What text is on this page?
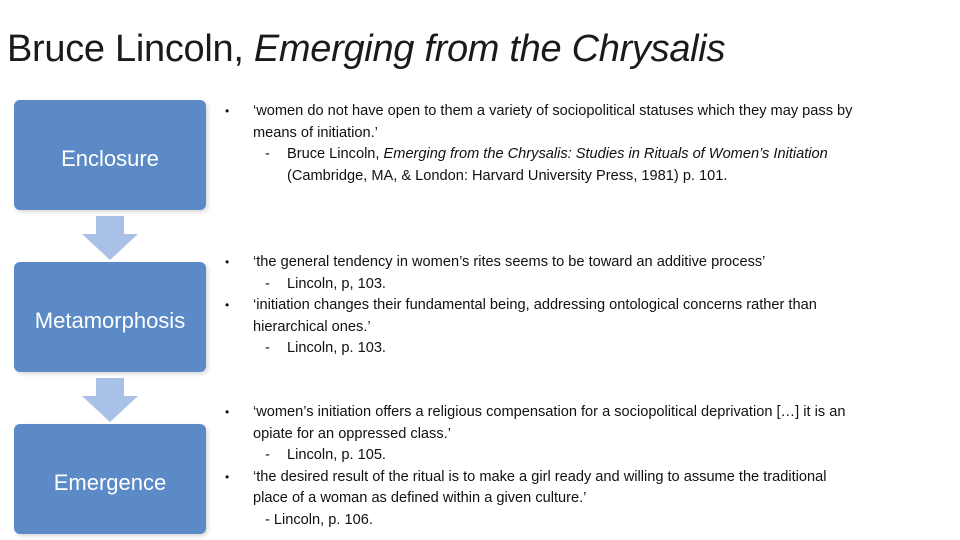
Bruce Lincoln, Emerging from the Chrysalis
Enclosure
Metamorphosis
Emergence
• ‘women do not have open to them a variety of sociopolitical statuses which they may pass by
means of initiation.’
- Bruce Lincoln, Emerging from the Chrysalis: Studies in Rituals of Women’s Initiation
(Cambridge, MA, & London: Harvard University Press, 1981) p. 101.
• ‘the general tendency in women’s rites seems to be toward an additive process’
- Lincoln, p, 103.
• ‘initiation changes their fundamental being, addressing ontological concerns rather than
hierarchical ones.’
- Lincoln, p. 103.
• ‘women’s initiation offers a religious compensation for a sociopolitical deprivation […] it is an
opiate for an oppressed class.’
- Lincoln, p. 105.
• ‘the desired result of the ritual is to make a girl ready and willing to assume the traditional
place of a woman as defined within a given culture.’
- Lincoln, p. 106.
